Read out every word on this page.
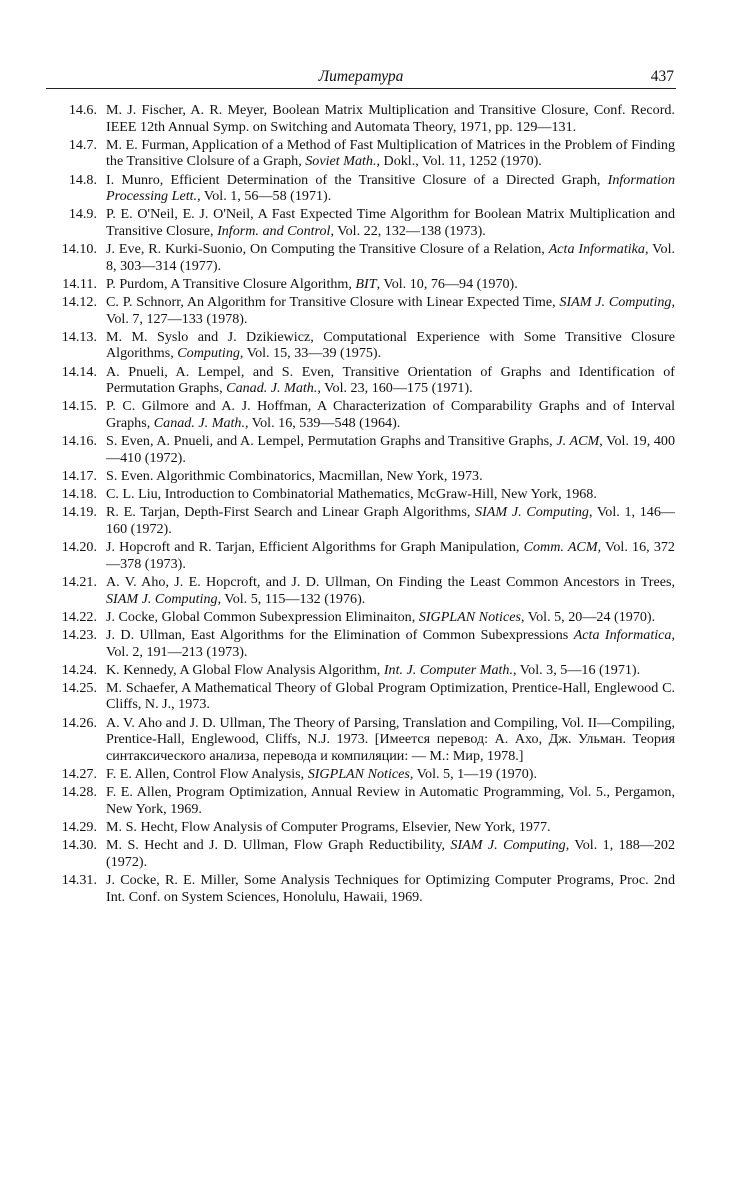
Литература	437
14.6. M. J. Fischer, A. R. Meyer, Boolean Matrix Multiplication and Transitive Closure, Conf. Record. IEEE 12th Annual Symp. on Switching and Automata Theory, 1971, pp. 129—131.
14.7. M. E. Furman, Application of a Method of Fast Multiplication of Matrices in the Problem of Finding the Transitive Clolsure of a Graph, Soviet Math., Dokl., Vol. 11, 1252 (1970).
14.8. I. Munro, Efficient Determination of the Transitive Closure of a Directed Graph, Information Processing Lett., Vol. 1, 56—58 (1971).
14.9. P. E. O'Neil, E. J. O'Neil, A Fast Expected Time Algorithm for Boolean Matrix Multiplication and Transitive Closure, Inform. and Control, Vol. 22, 132—138 (1973).
14.10. J. Eve, R. Kurki-Suonio, On Computing the Transitive Closure of a Relation, Acta Informatika, Vol. 8, 303—314 (1977).
14.11. P. Purdom, A Transitive Closure Algorithm, BIT, Vol. 10, 76—94 (1970).
14.12. C. P. Schnorr, An Algorithm for Transitive Closure with Linear Expected Time, SIAM J. Computing, Vol. 7, 127—133 (1978).
14.13. M. M. Syslo and J. Dzikiewicz, Computational Experience with Some Transitive Closure Algorithms, Computing, Vol. 15, 33—39 (1975).
14.14. A. Pnueli, A. Lempel, and S. Even, Transitive Orientation of Graphs and Identification of Permutation Graphs, Canad. J. Math., Vol. 23, 160—175 (1971).
14.15. P. C. Gilmore and A. J. Hoffman, A Characterization of Comparability Graphs and of Interval Graphs, Canad. J. Math., Vol. 16, 539—548 (1964).
14.16. S. Even, A. Pnueli, and A. Lempel, Permutation Graphs and Transitive Graphs, J. ACM, Vol. 19, 400—410 (1972).
14.17. S. Even. Algorithmic Combinatorics, Macmillan, New York, 1973.
14.18. C. L. Liu, Introduction to Combinatorial Mathematics, McGraw-Hill, New York, 1968.
14.19. R. E. Tarjan, Depth-First Search and Linear Graph Algorithms, SIAM J. Computing, Vol. 1, 146—160 (1972).
14.20. J. Hopcroft and R. Tarjan, Efficient Algorithms for Graph Manipulation, Comm. ACM, Vol. 16, 372—378 (1973).
14.21. A. V. Aho, J. E. Hopcroft, and J. D. Ullman, On Finding the Least Common Ancestors in Trees, SIAM J. Computing, Vol. 5, 115—132 (1976).
14.22. J. Cocke, Global Common Subexpression Eliminaiton, SIGPLAN Notices, Vol. 5, 20—24 (1970).
14.23. J. D. Ullman, East Algorithms for the Elimination of Common Subexpressions Acta Informatica, Vol. 2, 191—213 (1973).
14.24. K. Kennedy, A Global Flow Analysis Algorithm, Int. J. Computer Math., Vol. 3, 5—16 (1971).
14.25. M. Schaefer, A Mathematical Theory of Global Program Optimization, Prentice-Hall, Englewood C. Cliffs, N. J., 1973.
14.26. A. V. Aho and J. D. Ullman, The Theory of Parsing, Translation and Compiling, Vol. II—Compiling, Prentice-Hall, Englewood, Cliffs, N.J. 1973. [Имеется перевод: А. Ахо, Дж. Ульман. Теория синтаксического анализа, перевода и компиляции: — М.: Мир, 1978.]
14.27. F. E. Allen, Control Flow Analysis, SIGPLAN Notices, Vol. 5, 1—19 (1970).
14.28. F. E. Allen, Program Optimization, Annual Review in Automatic Programming, Vol. 5., Pergamon, New York, 1969.
14.29. M. S. Hecht, Flow Analysis of Computer Programs, Elsevier, New York, 1977.
14.30. M. S. Hecht and J. D. Ullman, Flow Graph Reductibility, SIAM J. Computing, Vol. 1, 188—202 (1972).
14.31. J. Cocke, R. E. Miller, Some Analysis Techniques for Optimizing Computer Programs, Proc. 2nd Int. Conf. on System Sciences, Honolulu, Hawaii, 1969.
